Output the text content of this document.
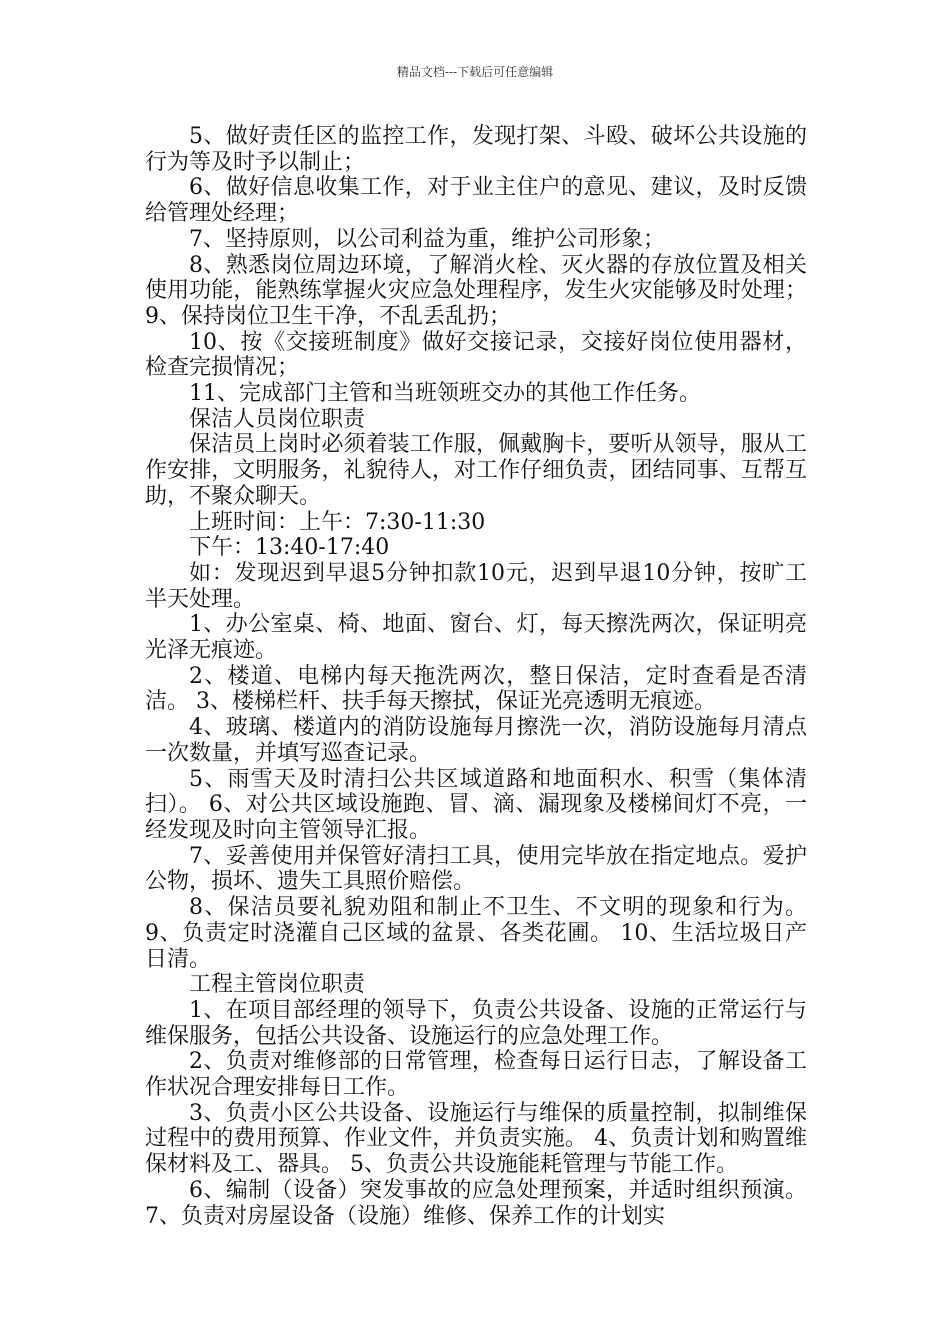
精品文档---下载后可任意编辑

5、做好责任区的监控工作，发现打架、斗殴、破坏公共设施的行为等及时予以制止；

6、做好信息收集工作，对于业主住户的意见、建议，及时反馈给管理处经理；

7、坚持原则，以公司利益为重，维护公司形象；

8、熟悉岗位周边环境，了解消火栓、灭火器的存放位置及相关使用功能，能熟练掌握火灾应急处理程序，发生火灾能够及时处理； 9、保持岗位卫生干净，不乱丢乱扔；

10、按《交接班制度》做好交接记录，交接好岗位使用器材，检查完损情况；

11、完成部门主管和当班领班交办的其他工作任务。

保洁人员岗位职责

保洁员上岗时必须着装工作服，佩戴胸卡，要听从领导，服从工作安排，文明服务，礼貌待人，对工作仔细负责，团结同事、互帮互助，不聚众聊天。

上班时间：上午：7:30-11:30

下午：13:40-17:40

如：发现迟到早退5分钟扣款10元，迟到早退10分钟，按旷工半天处理。

1、办公室桌、椅、地面、窗台、灯，每天擦洗两次，保证明亮光泽无痕迹。

2、楼道、电梯内每天拖洗两次，整日保洁，定时查看是否清洁。 3、楼梯栏杆、扶手每天擦拭，保证光亮透明无痕迹。

4、玻璃、楼道内的消防设施每月擦洗一次，消防设施每月清点一次数量，并填写巡查记录。

5、雨雪天及时清扫公共区域道路和地面积水、积雪（集体清扫）。 6、对公共区域设施跑、冒、滴、漏现象及楼梯间灯不亮，一经发现及时向主管领导汇报。

7、妥善使用并保管好清扫工具，使用完毕放在指定地点。爱护公物，损坏、遗失工具照价赔偿。

8、保洁员要礼貌劝阻和制止不卫生、不文明的现象和行为。 9、负责定时浇灌自己区域的盆景、各类花圃。 10、生活垃圾日产日清。

工程主管岗位职责

1、在项目部经理的领导下，负责公共设备、设施的正常运行与维保服务，包括公共设备、设施运行的应急处理工作。

2、负责对维修部的日常管理，检查每日运行日志，了解设备工作状况合理安排每日工作。

3、负责小区公共设备、设施运行与维保的质量控制，拟制维保过程中的费用预算、作业文件，并负责实施。 4、负责计划和购置维保材料及工、器具。 5、负责公共设施能耗管理与节能工作。

6、编制（设备）突发事故的应急处理预案，并适时组织预演。 7、负责对房屋设备（设施）维修、保养工作的计划实
